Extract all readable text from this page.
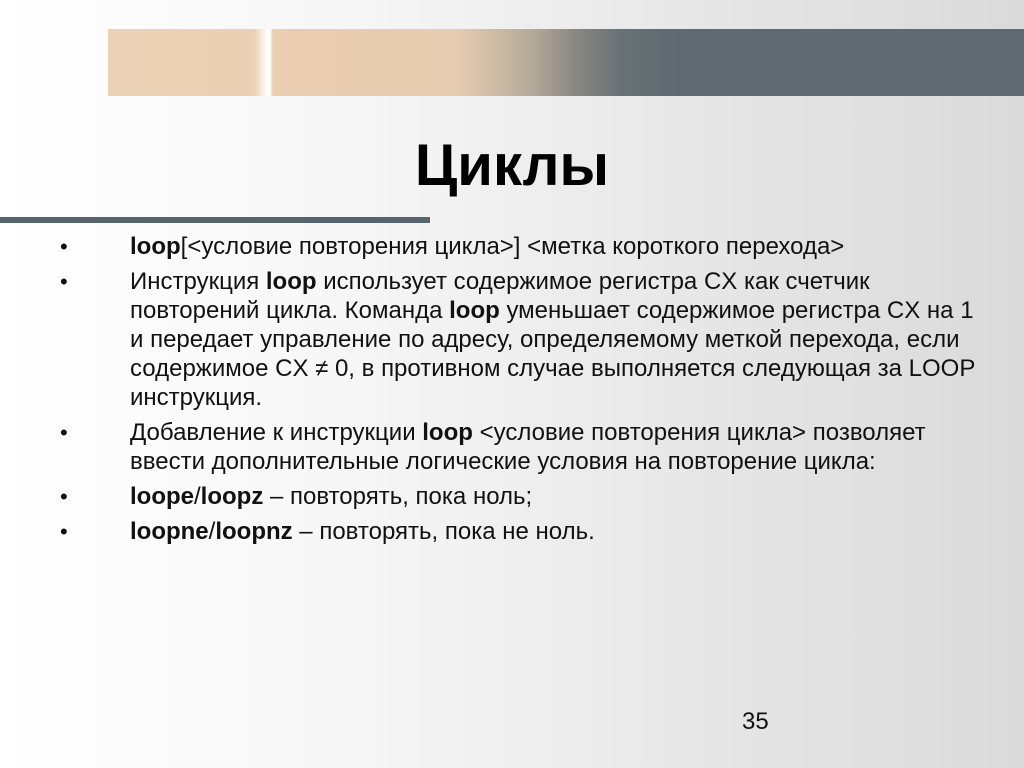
Циклы
•	loop[<условие повторения цикла>] <метка короткого перехода>
•	Инструкция loop использует содержимое регистра CX как счетчик повторений цикла. Команда loop уменьшает содержимое регистра CX на 1 и передает управление по адресу, определяемому меткой перехода, если содержимое CX ≠ 0, в противном случае выполняется следующая за LOOP инструкция.
•	Добавление к инструкции loop <условие повторения цикла> позволяет ввести дополнительные логические условия на повторение цикла:
•	loope/loopz – повторять, пока ноль;
•	loopne/loopnz – повторять, пока не ноль.
35
